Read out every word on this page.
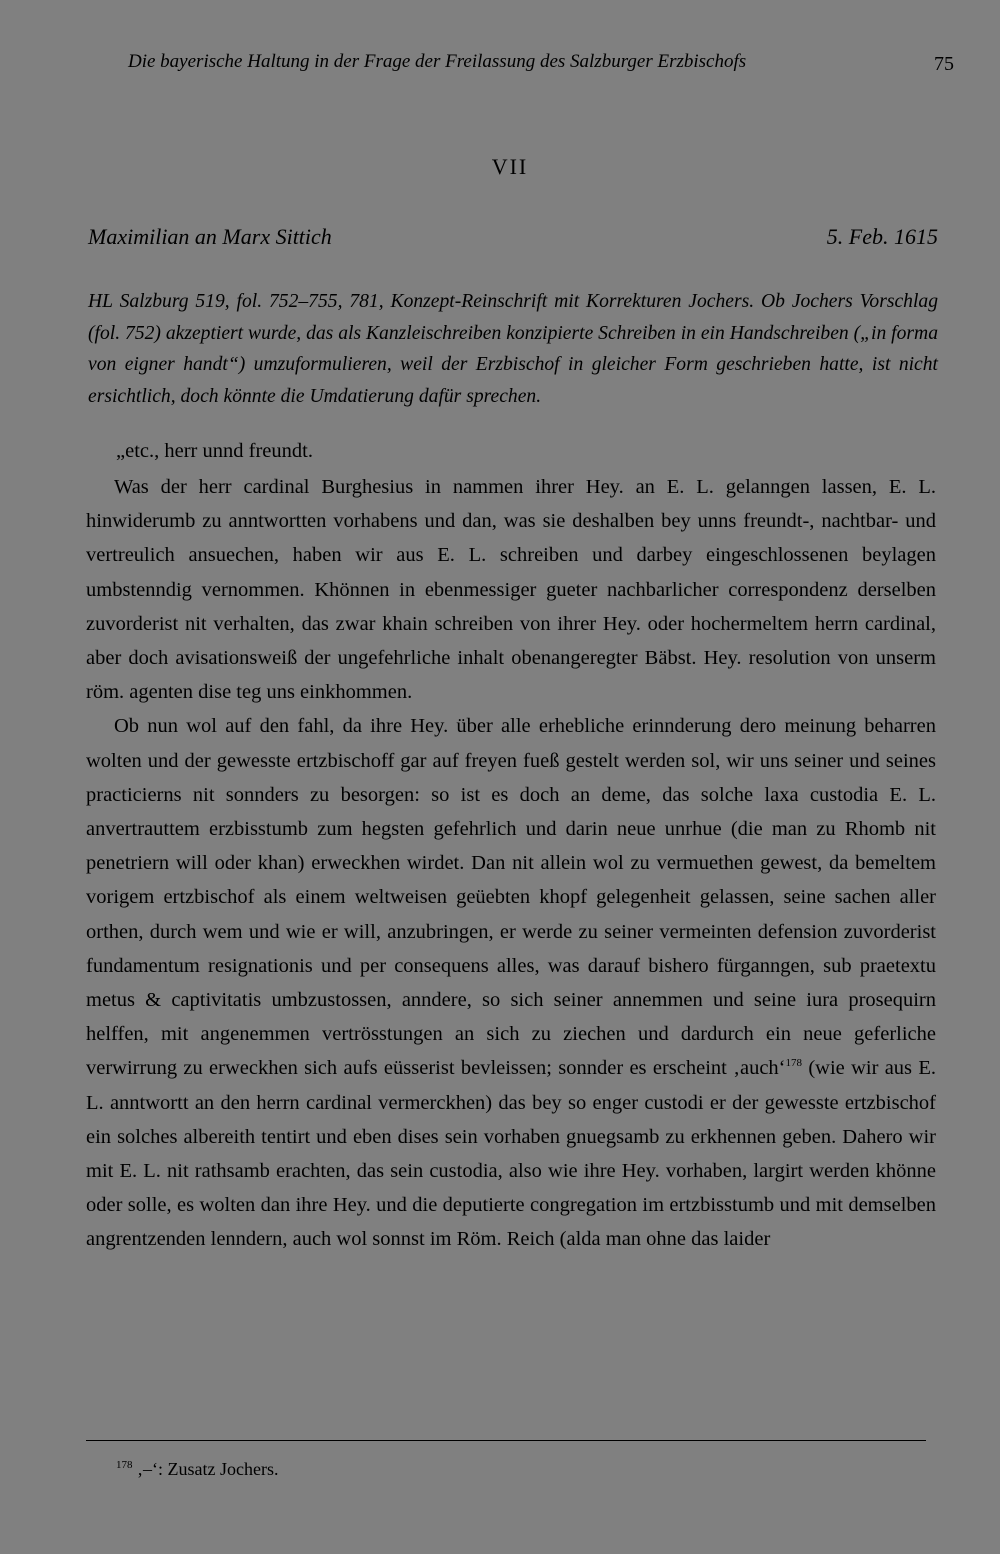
Die bayerische Haltung in der Frage der Freilassung des Salzburger Erzbischofs	75
VII
Maximilian an Marx Sittich	5. Feb. 1615

HL Salzburg 519, fol. 752–755, 781, Konzept-Reinschrift mit Korrekturen Jochers. Ob Jochers Vorschlag (fol. 752) akzeptiert wurde, das als Kanzleischreiben konzipierte Schreiben in ein Handschreiben („in forma von eigner handt“) umzuformulieren, weil der Erzbischof in gleicher Form geschrieben hatte, ist nicht ersichtlich, doch könnte die Umdatierung dafür sprechen.

„etc., herr unnd freundt.

Was der herr cardinal Burghesius in nammen ihrer Hey. an E. L. gelanngen lassen, E. L. hinwiderumb zu anntwortten vorhabens und dan, was sie deshalben bey unns freundt-, nachtbar- und vertreulich ansuechen, haben wir aus E. L. schreiben und darbey eingeschlossenen beylagen umbstenndig vernommen. Khönnen in ebenmessiger gueter nachbarlicher correspondenz derselben zuvorderist nit verhalten, das zwar khain schreiben von ihrer Hey. oder hochermeltem herrn cardinal, aber doch avisationsweiß der ungefehrliche inhalt obenangeregter Bäbst. Hey. resolution von unserm röm. agenten dise teg uns einkhommen.

Ob nun wol auf den fahl, da ihre Hey. über alle erhebliche erinnderung dero meinung beharren wolten und der gewesste ertzbischoff gar auf freyen fueß gestelt werden sol, wir uns seiner und seines practicierns nit sonnders zu besorgen: so ist es doch an deme, das solche laxa custodia E. L. anvertrauttem erzbisstumb zum hegsten gefehrlich und darin neue unrhue (die man zu Rhomb nit penetriern will oder khan) erweckhen wirdet. Dan nit allein wol zu vermuethen gewest, da bemeltem vorigem ertzbischof als einem weltweisen geüebten khopf gelegenheit gelassen, seine sachen aller orthen, durch wem und wie er will, anzubringen, er werde zu seiner vermeinten defension zuvorderist fundamentum resignationis und per consequens alles, was darauf bishero fürganngen, sub praetextu metus & captivitatis umbzustossen, anndere, so sich seiner annemmen und seine iura prosequirn helffen, mit angenemmen vertrösstungen an sich zu ziechen und dardurch ein neue geferliche verwirrung zu erweckhen sich aufs eüsserist bevleissen; sonnder es erscheint ‚auch‘$^{178}$ (wie wir aus E. L. anntwortt an den herrn cardinal vermerckhen) das bey so enger custodi er der gewesste ertzbischof ein solches albereith tentirt und eben dises sein vorhaben gnuegsamb zu erkhennen geben. Dahero wir mit E. L. nit rathsamb erachten, das sein custodia, also wie ihre Hey. vorhaben, largirt werden khönne oder solle, es wolten dan ihre Hey. und die deputierte congregation im ertzbisstumb und mit demselben angrentzenden lenndern, auch wol sonnst im Röm. Reich (alda man ohne das laider

$^{178}$ ‚–‘: Zusatz Jochers.
